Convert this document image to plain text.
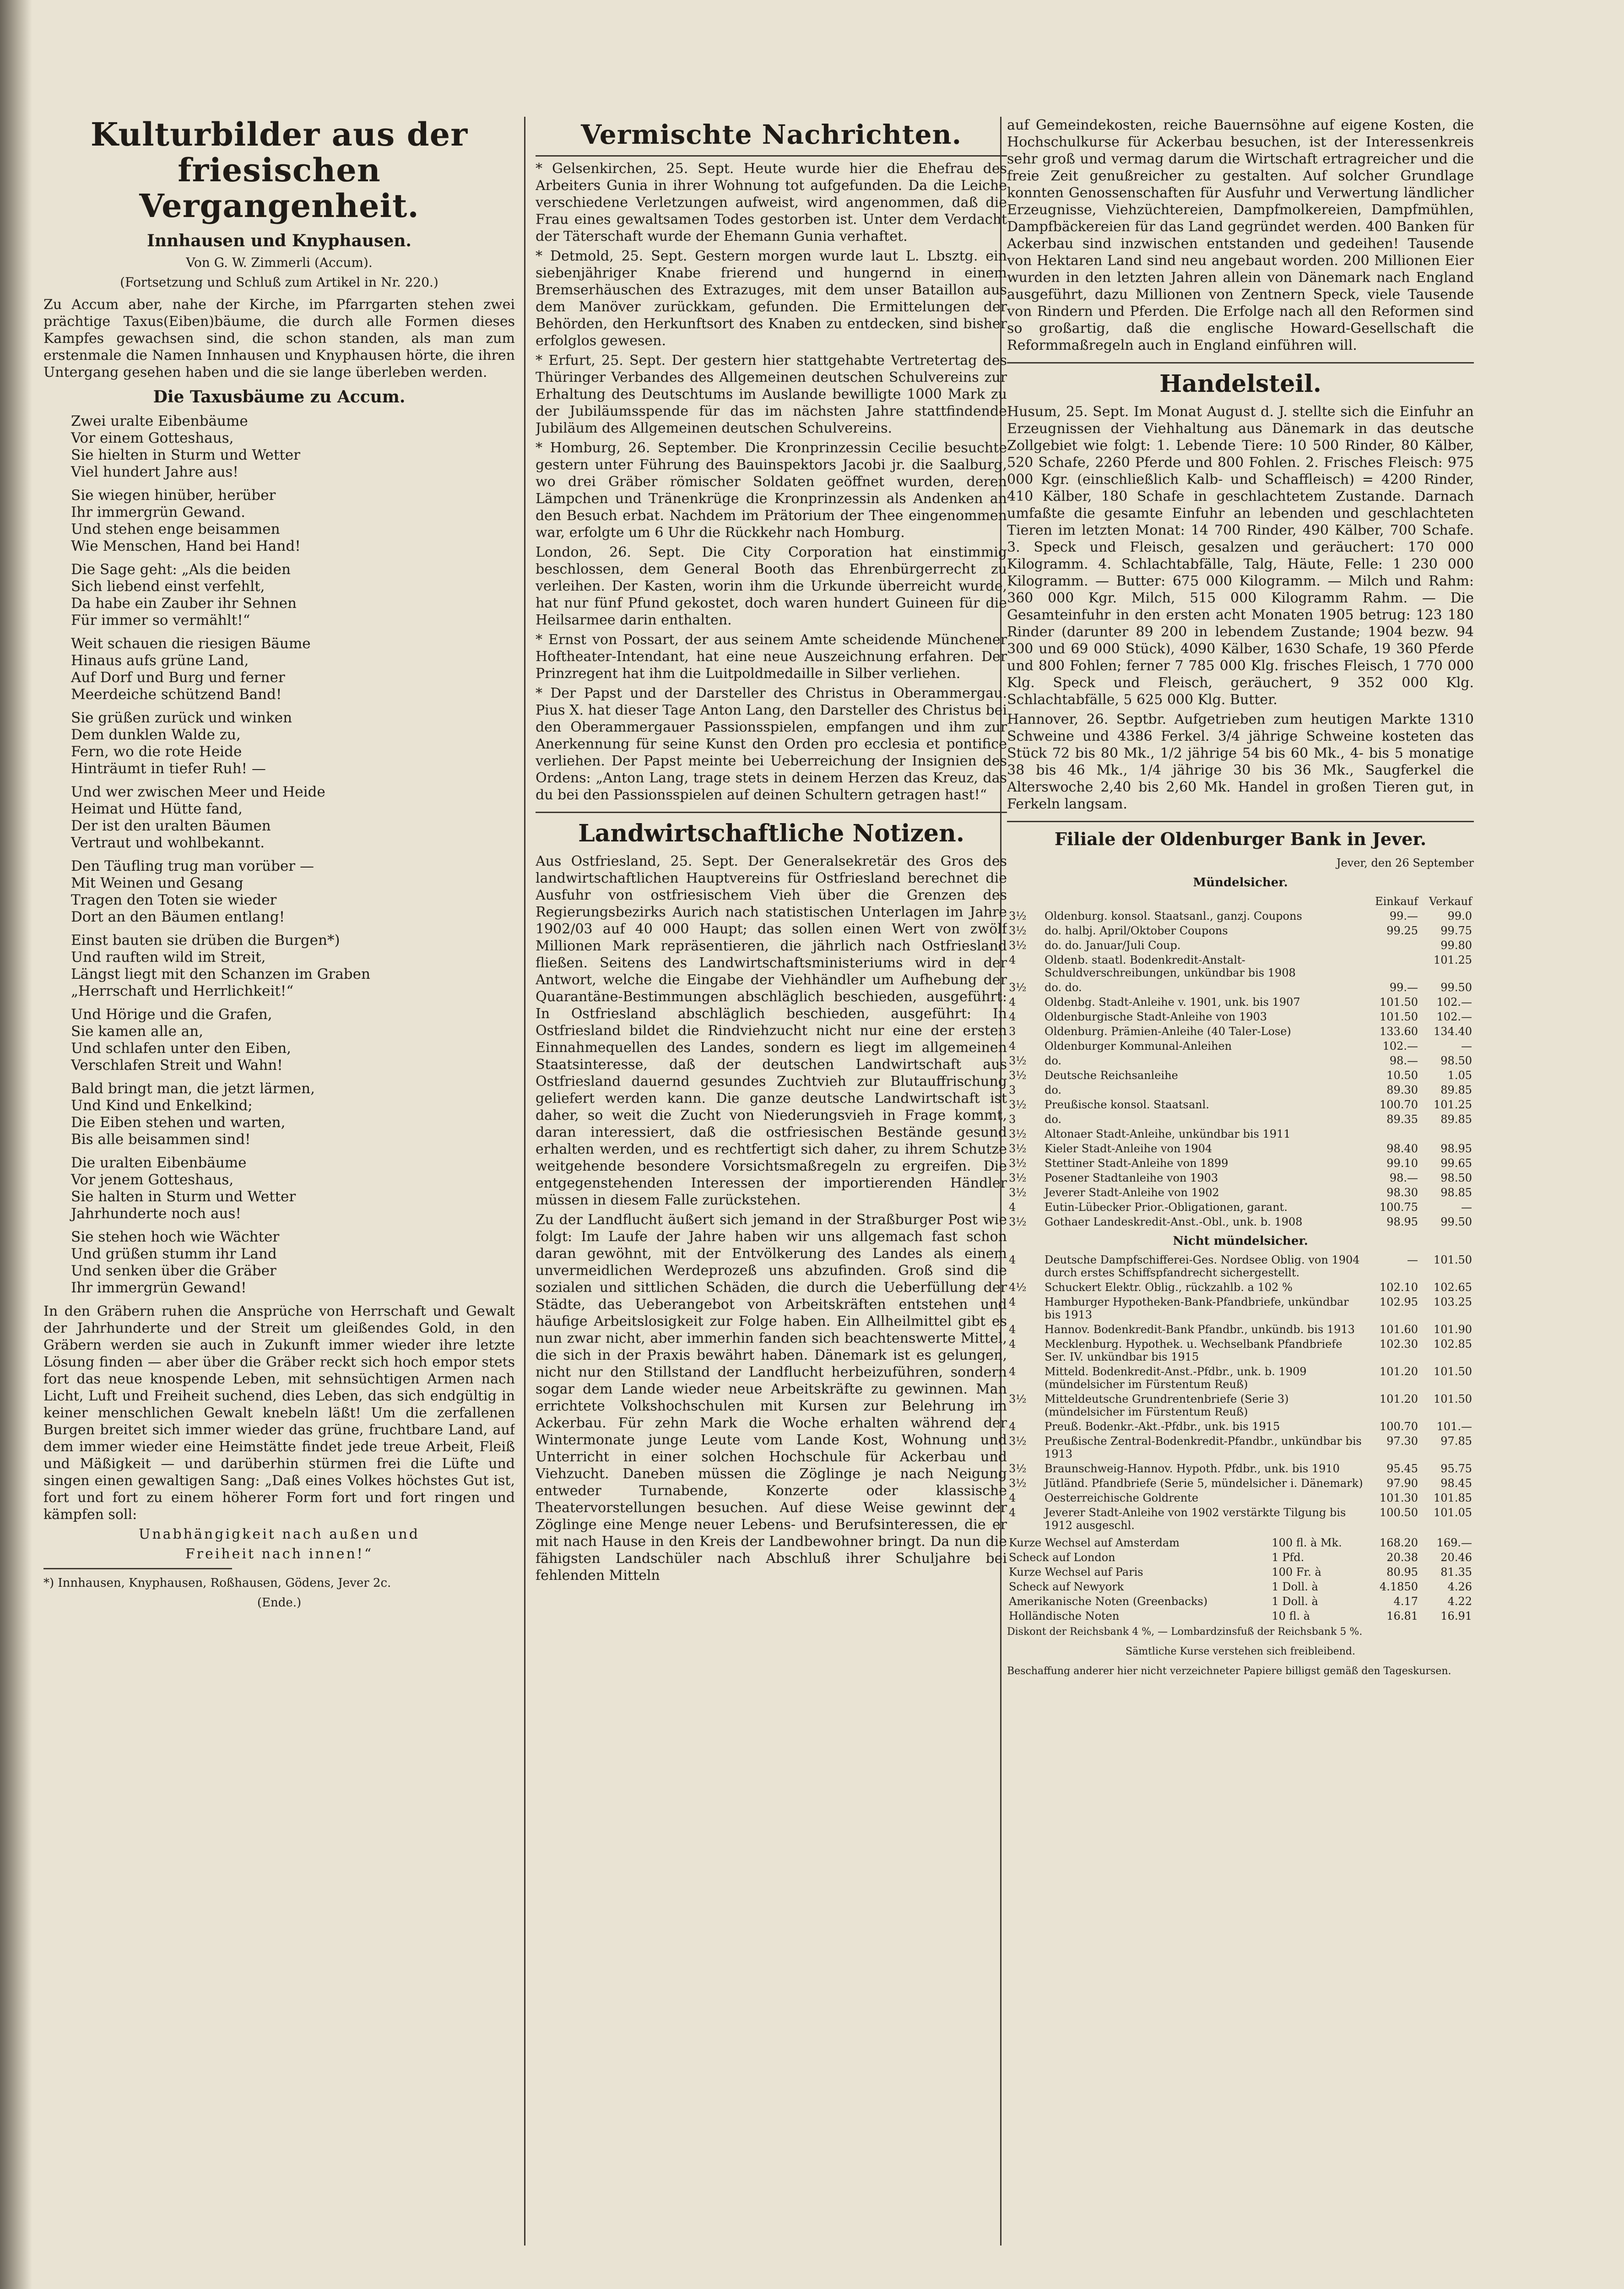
Kulturbilder aus der
friesischen Vergangenheit.
Innhausen und Knyphausen.
Von G. W. Zimmerli (Accum).
(Fortsetzung und Schluß zum Artikel in Nr. 220.)

Zu Accum aber, nahe der Kirche, im Pfarrgarten stehen zwei prächtige Taxus(Eiben)bäume, die durch alle Formen dieses Kampfes gewachsen sind, die schon standen, als man zum erstenmale die Namen Innhausen und Knyphausen hörte, die ihren Untergang gesehen haben und die sie lange überleben werden.

Die Taxusbäume zu Accum.
Zwei uralte Eibenbäume
Vor einem Gotteshaus,
Sie hielten in Sturm und Wetter
Viel hundert Jahre aus!
Sie wiegen hinüber, herüber
Ihr immergrün Gewand.
Und stehen enge beisammen
Wie Menschen, Hand bei Hand!
Die Sage geht: „Als die beiden
Sich liebend einst verfehlt,
Da habe ein Zauber ihr Sehnen
Für immer so vermählt!“
Weit schauen die riesigen Bäume
Hinaus aufs grüne Land,
Auf Dorf und Burg und ferner
Meerdeiche schützend Band!
Sie grüßen zurück und winken
Dem dunklen Walde zu,
Fern, wo die rote Heide
Hinträumt in tiefer Ruh! —
Und wer zwischen Meer und Heide
Heimat und Hütte fand,
Der ist den uralten Bäumen
Vertraut und wohlbekannt.
Den Täufling trug man vorüber —
Mit Weinen und Gesang
Tragen den Toten sie wieder
Dort an den Bäumen entlang!
Einst bauten sie drüben die Burgen*)
Und rauften wild im Streit,
Längst liegt mit den Schanzen im Graben
„Herrschaft und Herrlichkeit!“
Und Hörige und die Grafen,
Sie kamen alle an,
Und schlafen unter den Eiben,
Verschlafen Streit und Wahn!
Bald bringt man, die jetzt lärmen,
Und Kind und Enkelkind;
Die Eiben stehen und warten,
Bis alle beisammen sind!
Die uralten Eibenbäume
Vor jenem Gotteshaus,
Sie halten in Sturm und Wetter
Jahrhunderte noch aus!
Sie stehen hoch wie Wächter
Und grüßen stumm ihr Land
Und senken über die Gräber
Ihr immergrün Gewand!

In den Gräbern ruhen die Ansprüche von Herrschaft und Gewalt der Jahrhunderte und der Streit um gleißendes Gold, in den Gräbern werden sie auch in Zukunft immer wieder ihre letzte Lösung finden — aber über die Gräber reckt sich hoch empor stets fort das neue knospende Leben, mit sehnsüchtigen Armen nach Licht, Luft und Freiheit suchend, dies Leben, das sich endgültig in keiner menschlichen Gewalt knebeln läßt! Um die zerfallenen Burgen breitet sich immer wieder das grüne, fruchtbare Land, auf dem immer wieder eine Heimstätte findet jede treue Arbeit, Fleiß und Mäßigkeit — und darüberhin stürmen frei die Lüfte und singen einen gewaltigen Sang: „Daß eines Volkes höchstes Gut ist, fort und fort zu einem höherer Form fort und fort ringen und kämpfen soll:

Unabhängigkeit nach außen und
Freiheit nach innen!“
*) Innhausen, Knyphausen, Roßhausen, Gödens, Jever 2c.
(Ende.)
Vermischte Nachrichten.

* Gelsenkirchen, 25. Sept. Heute wurde hier die Ehefrau des Arbeiters Gunia in ihrer Wohnung tot aufgefunden. Da die Leiche verschiedene Verletzungen aufweist, wird angenommen, daß die Frau eines gewaltsamen Todes gestorben ist. Unter dem Verdacht der Täterschaft wurde der Ehemann Gunia verhaftet.

* Detmold, 25. Sept. Gestern morgen wurde laut L. Lbsztg. ein siebenjähriger Knabe frierend und hungernd in einem Bremserhäuschen des Extrazuges, mit dem unser Bataillon aus dem Manöver zurückkam, gefunden. Die Ermittelungen der Behörden, den Herkunftsort des Knaben zu entdecken, sind bisher erfolglos gewesen.

* Erfurt, 25. Sept. Der gestern hier stattgehabte Vertretertag des Thüringer Verbandes des Allgemeinen deutschen Schulvereins zur Erhaltung des Deutschtums im Auslande bewilligte 1000 Mark zu der Jubiläumsspende für das im nächsten Jahre stattfindende Jubiläum des Allgemeinen deutschen Schulvereins.

* Homburg, 26. September. Die Kronprinzessin Cecilie besuchte gestern unter Führung des Bauinspektors Jacobi jr. die Saalburg, wo drei Gräber römischer Soldaten geöffnet wurden, deren Lämpchen und Tränenkrüge die Kronprinzessin als Andenken an den Besuch erbat. Nachdem im Prätorium der Thee eingenommen war, erfolgte um 6 Uhr die Rückkehr nach Homburg.

London, 26. Sept. Die City Corporation hat einstimmig beschlossen, dem General Booth das Ehrenbürgerrecht zu verleihen. Der Kasten, worin ihm die Urkunde überreicht wurde, hat nur fünf Pfund gekostet, doch waren hundert Guineen für die Heilsarmee darin enthalten.

* Ernst von Possart, der aus seinem Amte scheidende Münchener Hoftheater-Intendant, hat eine neue Auszeichnung erfahren. Der Prinzregent hat ihm die Luitpoldmedaille in Silber verliehen.

* Der Papst und der Darsteller des Christus in Oberammergau. Pius X. hat dieser Tage Anton Lang, den Darsteller des Christus bei den Oberammergauer Passionsspielen, empfangen und ihm zur Anerkennung für seine Kunst den Orden pro ecclesia et pontifice verliehen. Der Papst meinte bei Ueberreichung der Insignien des Ordens: „Anton Lang, trage stets in deinem Herzen das Kreuz, das du bei den Passionsspielen auf deinen Schultern getragen hast!“

Landwirtschaftliche Notizen.

Aus Ostfriesland, 25. Sept. Der Generalsekretär des Gros des landwirtschaftlichen Hauptvereins für Ostfriesland berechnet die Ausfuhr von ostfriesischem Vieh über die Grenzen des Regierungsbezirks Aurich nach statistischen Unterlagen im Jahre 1902/03 auf 40 000 Haupt; das sollen einen Wert von zwölf Millionen Mark repräsentieren, die jährlich nach Ostfriesland fließen. Seitens des Landwirtschaftsministeriums wird in der Antwort, welche die Eingabe der Viehhändler um Aufhebung der Quarantäne-Bestimmungen abschläglich beschieden, ausgeführt: In Ostfriesland abschläglich beschieden, ausgeführt: In Ostfriesland bildet die Rindviehzucht nicht nur eine der ersten Einnahmequellen des Landes, sondern es liegt im allgemeinen Staatsinteresse, daß der deutschen Landwirtschaft aus Ostfriesland dauernd gesundes Zuchtvieh zur Blutauffrischung geliefert werden kann. Die ganze deutsche Landwirtschaft ist daher, so weit die Zucht von Niederungsvieh in Frage kommt, daran interessiert, daß die ostfriesischen Bestände gesund erhalten werden, und es rechtfertigt sich daher, zu ihrem Schutze weitgehende besondere Vorsichtsmaßregeln zu ergreifen. Die entgegenstehenden Interessen der importierenden Händler müssen in diesem Falle zurückstehen.

Zu der Landflucht äußert sich jemand in der Straßburger Post wie folgt: Im Laufe der Jahre haben wir uns allgemach fast schon daran gewöhnt, mit der Entvölkerung des Landes als einem unvermeidlichen Werdeprozeß uns abzufinden. Groß sind die sozialen und sittlichen Schäden, die durch die Ueberfüllung der Städte, das Ueberangebot von Arbeitskräften entstehen und häufige Arbeitslosigkeit zur Folge haben. Ein Allheilmittel gibt es nun zwar nicht, aber immerhin fanden sich beachtenswerte Mittel, die sich in der Praxis bewährt haben. Dänemark ist es gelungen, nicht nur den Stillstand der Landflucht herbeizuführen, sondern sogar dem Lande wieder neue Arbeitskräfte zu gewinnen. Man errichtete Volkshochschulen mit Kursen zur Belehrung im Ackerbau. Für zehn Mark die Woche erhalten während der Wintermonate junge Leute vom Lande Kost, Wohnung und Unterricht in einer solchen Hochschule für Ackerbau und Viehzucht. Daneben müssen die Zöglinge je nach Neigung entweder Turnabende, Konzerte oder klassische Theatervorstellungen besuchen. Auf diese Weise gewinnt der Zöglinge eine Menge neuer Lebens- und Berufsinteressen, die er mit nach Hause in den Kreis der Landbewohner bringt. Da nun die fähigsten Landschüler nach Abschluß ihrer Schuljahre bei fehlenden Mitteln

auf Gemeindekosten, reiche Bauernsöhne auf eigene Kosten, die Hochschulkurse für Ackerbau besuchen, ist der Interessenkreis sehr groß und vermag darum die Wirtschaft ertragreicher und die freie Zeit genußreicher zu gestalten. Auf solcher Grundlage konnten Genossenschaften für Ausfuhr und Verwertung ländlicher Erzeugnisse, Viehzüchtereien, Dampfmolkereien, Dampfmühlen, Dampfbäckereien für das Land gegründet werden. 400 Banken für Ackerbau sind inzwischen entstanden und gedeihen! Tausende von Hektaren Land sind neu angebaut worden. 200 Millionen Eier wurden in den letzten Jahren allein von Dänemark nach England ausgeführt, dazu Millionen von Zentnern Speck, viele Tausende von Rindern und Pferden. Die Erfolge nach all den Reformen sind so großartig, daß die englische Howard-Gesellschaft die Reformmaßregeln auch in England einführen will.

Handelsteil.

Husum, 25. Sept. Im Monat August d. J. stellte sich die Einfuhr an Erzeugnissen der Viehhaltung aus Dänemark in das deutsche Zollgebiet wie folgt: 1. Lebende Tiere: 10 500 Rinder, 80 Kälber, 520 Schafe, 2260 Pferde und 800 Fohlen. 2. Frisches Fleisch: 975 000 Kgr. (einschließlich Kalb- und Schaffleisch) = 4200 Rinder, 410 Kälber, 180 Schafe in geschlachtetem Zustande. Darnach umfaßte die gesamte Einfuhr an lebenden und geschlachteten Tieren im letzten Monat: 14 700 Rinder, 490 Kälber, 700 Schafe. 3. Speck und Fleisch, gesalzen und geräuchert: 170 000 Kilogramm. 4. Schlachtabfälle, Talg, Häute, Felle: 1 230 000 Kilogramm. — Butter: 675 000 Kilogramm. — Milch und Rahm: 360 000 Kgr. Milch, 515 000 Kilogramm Rahm. — Die Gesamteinfuhr in den ersten acht Monaten 1905 betrug: 123 180 Rinder (darunter 89 200 in lebendem Zustande; 1904 bezw. 94 300 und 69 000 Stück), 4090 Kälber, 1630 Schafe, 19 360 Pferde und 800 Fohlen; ferner 7 785 000 Klg. frisches Fleisch, 1 770 000 Klg. Speck und Fleisch, geräuchert, 9 352 000 Klg. Schlachtabfälle, 5 625 000 Klg. Butter.

Hannover, 26. Septbr. Aufgetrieben zum heutigen Markte 1310 Schweine und 4386 Ferkel. 3/4 jährige Schweine kosteten das Stück 72 bis 80 Mk., 1/2 jährige 54 bis 60 Mk., 4- bis 5 monatige 38 bis 46 Mk., 1/4 jährige 30 bis 36 Mk., Saugferkel die Alterswoche 2,40 bis 2,60 Mk. Handel in großen Tieren gut, in Ferkeln langsam.

Filiale der Oldenburger Bank in Jever.
Jever, den 26 September
Mündelsicher.
		Einkauf	Verkauf
3½	Oldenburg. konsol. Staatsanl., ganzj. Coupons	99.—	99.0
3½	do. halbj. April/Oktober Coupons	99.25	99.75
3½	do. do. Januar/Juli Coup.		99.80
4	Oldenb. staatl. Bodenkredit-Anstalt-Schuldverschreibungen, unkündbar bis 1908		101.25
3½	do. do.	99.—	99.50
4	Oldenbg. Stadt-Anleihe v. 1901, unk. bis 1907	101.50	102.—
4	Oldenburgische Stadt-Anleihe von 1903	101.50	102.—
3	Oldenburg. Prämien-Anleihe (40 Taler-Lose)	133.60	134.40
4	Oldenburger Kommunal-Anleihen	102.—	—
3½	do.	98.—	98.50
3½	Deutsche Reichsanleihe	10.50	1.05
3	do.	89.30	89.85
3½	Preußische konsol. Staatsanl.	100.70	101.25
3	do.	89.35	89.85
3½	Altonaer Stadt-Anleihe, unkündbar bis 1911		
3½	Kieler Stadt-Anleihe von 1904	98.40	98.95
3½	Stettiner Stadt-Anleihe von 1899	99.10	99.65
3½	Posener Stadtanleihe von 1903	98.—	98.50
3½	Jeverer Stadt-Anleihe von 1902	98.30	98.85
4	Eutin-Lübecker Prior.-Obligationen, garant.	100.75	—
3½	Gothaer Landeskredit-Anst.-Obl., unk. b. 1908	98.95	99.50
Nicht mündelsicher.
4	Deutsche Dampfschifferei-Ges. Nordsee Oblig. von 1904 durch erstes Schiffspfandrecht sichergestellt.	—	101.50
4½	Schuckert Elektr. Oblig., rückzahlb. a 102 %	102.10	102.65
4	Hamburger Hypotheken-Bank-Pfandbriefe, unkündbar bis 1913	102.95	103.25
4	Hannov. Bodenkredit-Bank Pfandbr., unkündb. bis 1913	101.60	101.90
4	Mecklenburg. Hypothek. u. Wechselbank Pfandbriefe Ser. IV. unkündbar bis 1915	102.30	102.85
4	Mitteld. Bodenkredit-Anst.-Pfdbr., unk. b. 1909 (mündelsicher im Fürstentum Reuß)	101.20	101.50
3½	Mitteldeutsche Grundrentenbriefe (Serie 3) (mündelsicher im Fürstentum Reuß)	101.20	101.50
4	Preuß. Bodenkr.-Akt.-Pfdbr., unk. bis 1915	100.70	101.—
3½	Preußische Zentral-Bodenkredit-Pfandbr., unkündbar bis 1913	97.30	97.85
3½	Braunschweig-Hannov. Hypoth. Pfdbr., unk. bis 1910	95.45	95.75
3½	Jütländ. Pfandbriefe (Serie 5, mündelsicher i. Dänemark)	97.90	98.45
4	Oesterreichische Goldrente	101.30	101.85
4	Jeverer Stadt-Anleihe von 1902 verstärkte Tilgung bis 1912 ausgeschl.	100.50	101.05
Kurze Wechsel auf Amsterdam	100 fl. à Mk.	168.20	169.—
Scheck auf London	1 Pfd.	20.38	20.46
Kurze Wechsel auf Paris	100 Fr. à	80.95	81.35
Scheck auf Newyork	1 Doll. à	4.1850	4.26
Amerikanische Noten (Greenbacks)	1 Doll. à	4.17	4.22
Holländische Noten	10 fl. à	16.81	16.91
Diskont der Reichsbank 4 %, — Lombardzinsfuß der Reichsbank 5 %.
Sämtliche Kurse verstehen sich freibleibend.
Beschaffung anderer hier nicht verzeichneter Papiere billigst gemäß den Tageskursen.
